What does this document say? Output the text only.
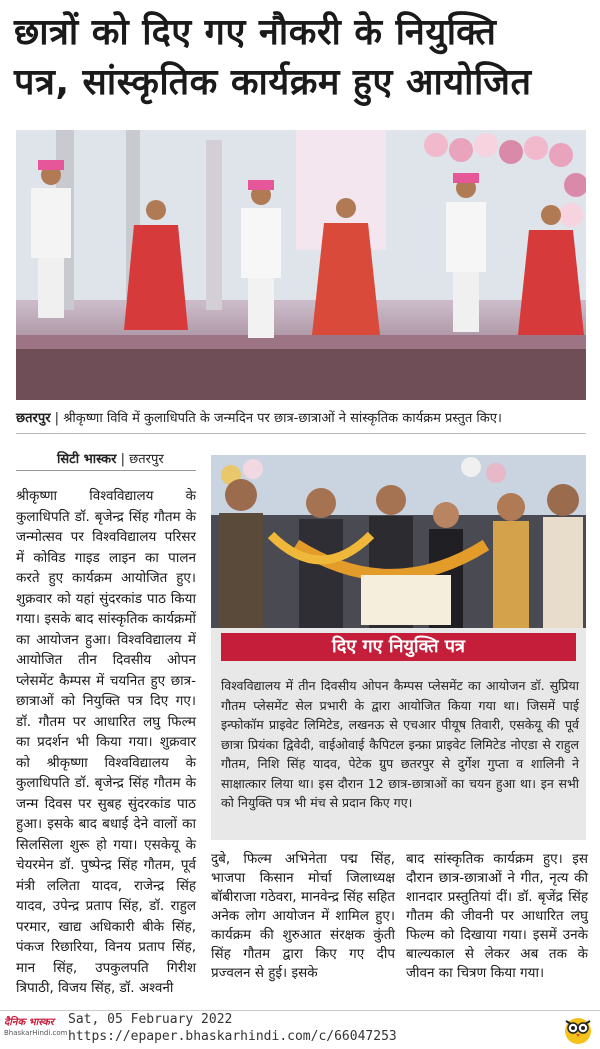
छात्रों को दिए गए नौकरी के नियुक्ति
पत्र, सांस्कृतिक कार्यक्रम हुए आयोजित
छतरपुर | श्रीकृष्णा विवि में कुलाधिपति के जन्मदिन पर छात्र-छात्राओं ने सांस्कृतिक कार्यक्रम प्रस्तुत किए।
सिटी भास्कर | छतरपुर
श्रीकृष्णा विश्वविद्यालय के कुलाधिपति डॉ. बृजेन्द्र सिंह गौतम के जन्मोत्सव पर विश्वविद्यालय परिसर में कोविड गाइड लाइन का पालन करते हुए कार्यक्रम आयोजित हुए। शुक्रवार को यहां सुंदरकांड पाठ किया गया। इसके बाद सांस्कृतिक कार्यक्रमों का आयोजन हुआ। विश्वविद्यालय में आयोजित तीन दिवसीय ओपन प्लेसमेंट कैम्पस में चयनित हुए छात्र-छात्राओं को नियुक्ति पत्र दिए गए। डॉ. गौतम पर आधारित लघु फिल्म का प्रदर्शन भी किया गया। शुक्रवार को श्रीकृष्णा विश्वविद्यालय के कुलाधिपति डॉ. बृजेन्द्र सिंह गौतम के जन्म दिवस पर सुबह सुंदरकांड पाठ हुआ। इसके बाद बधाई देने वालों का सिलसिला शुरू हो गया। एसकेयू के चेयरमेन डॉ. पुष्पेन्द्र सिंह गौतम, पूर्व मंत्री ललिता यादव, राजेन्द्र सिंह यादव, उपेन्द्र प्रताप सिंह, डॉ. राहुल परमार, खाद्य अधिकारी बीके सिंह, पंकज रिछारिया, विनय प्रताप सिंह, मान सिंह, उपकुलपति गिरीश त्रिपाठी, विजय सिंह, डॉ. अश्वनी
दिए गए नियुक्ति पत्र
विश्वविद्यालय में तीन दिवसीय ओपन कैम्पस प्लेसमेंट का आयोजन डॉ. सुप्रिया गौतम प्लेसमेंट सेल प्रभारी के द्वारा आयोजित किया गया था। जिसमें पाई इन्फोकॉम प्राइवेट लिमिटेड, लखनऊ से एचआर पीयूष तिवारी, एसकेयू की पूर्व छात्रा प्रियंका द्विवेदी, वाईओवाई कैपिटल इन्फ्रा प्राइवेट लिमिटेड नोएडा से राहुल गौतम, निशि सिंह यादव, पेटेक ग्रुप छतरपुर से दुर्गेश गुप्ता व शालिनी ने साक्षात्कार लिया था। इस दौरान 12 छात्र-छात्राओं का चयन हुआ था। इन सभी को नियुक्ति पत्र भी मंच से प्रदान किए गए।
दुबे, फिल्म अभिनेता पद्म सिंह, भाजपा किसान मोर्चा जिलाध्यक्ष बॉबीराजा गठेवरा, मानवेन्द्र सिंह सहित अनेक लोग आयोजन में शामिल हुए। कार्यक्रम की शुरुआत संरक्षक कुंती सिंह गौतम द्वारा किए गए दीप प्रज्वलन से हुई। इसके
बाद सांस्कृतिक कार्यक्रम हुए। इस दौरान छात्र-छात्राओं ने गीत, नृत्य की शानदार प्रस्तुतियां दीं। डॉ. बृजेंद्र सिंह गौतम की जीवनी पर आधारित लघु फिल्म को दिखाया गया। इसमें उनके बाल्यकाल से लेकर अब तक के जीवन का चित्रण किया गया।
दैनिक भास्कर
BhaskarHindi.com
Sat, 05 February 2022
https://epaper.bhaskarhindi.com/c/66047253
